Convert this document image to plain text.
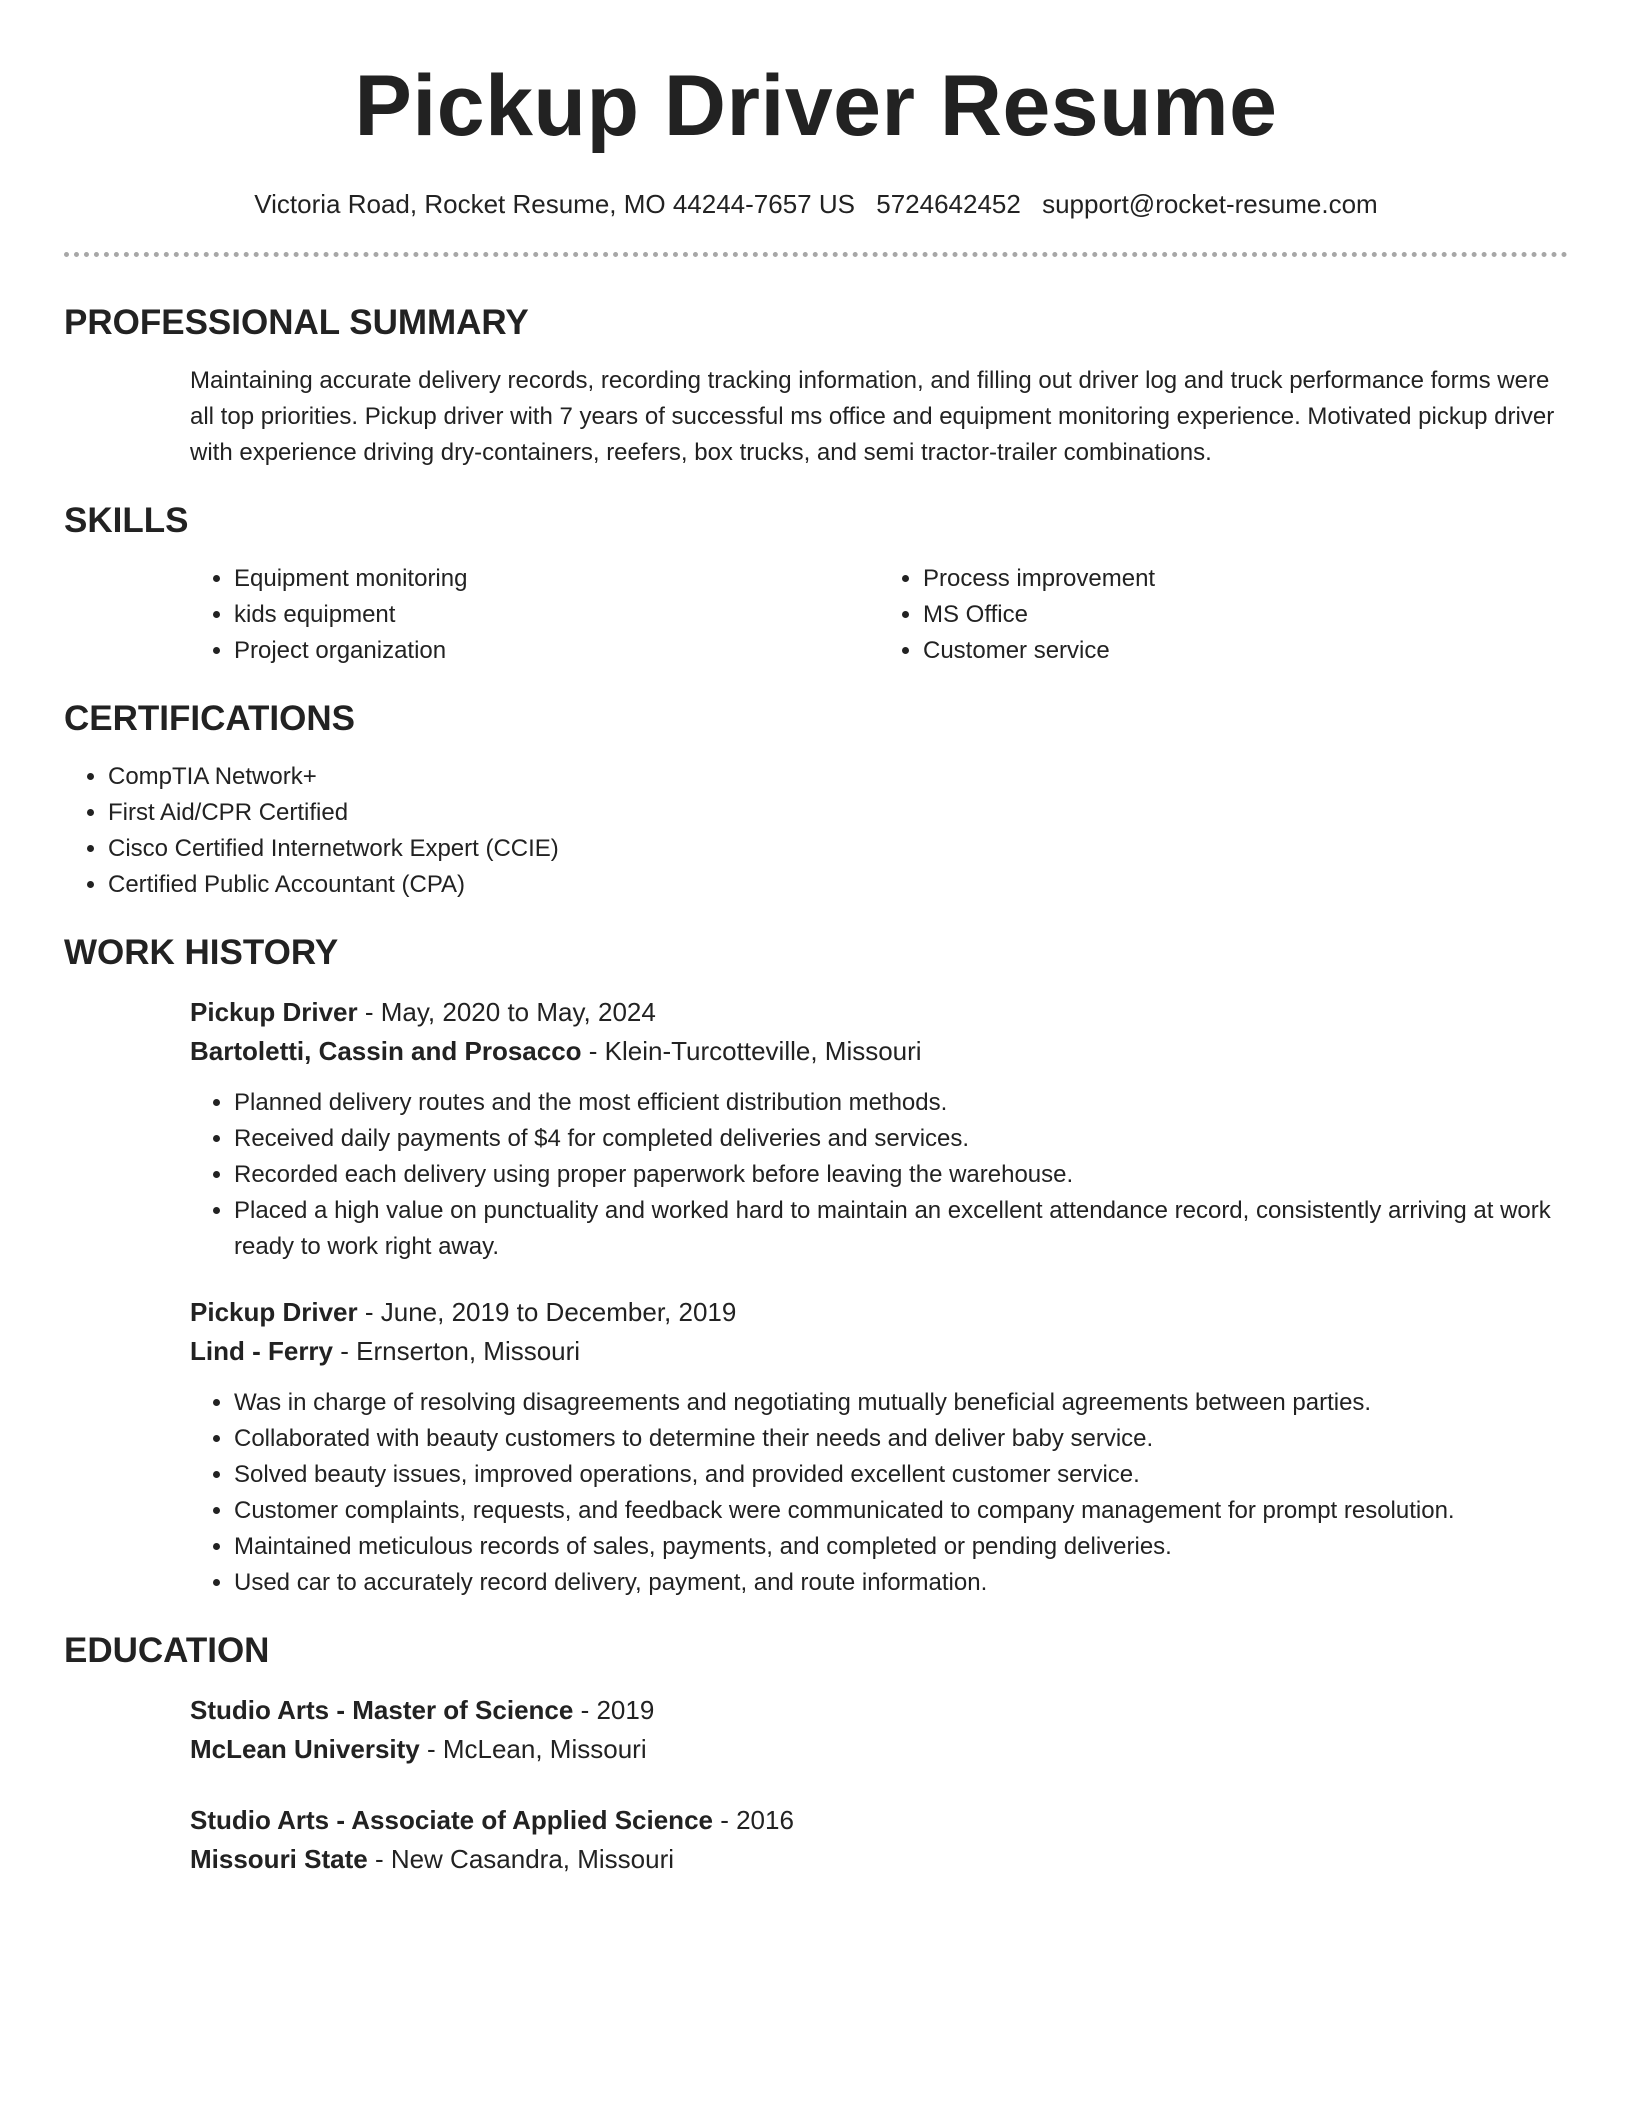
Pickup Driver Resume
Victoria Road, Rocket Resume, MO 44244-7657 US 5724642452 support@rocket-resume.com
PROFESSIONAL SUMMARY
Maintaining accurate delivery records, recording tracking information, and filling out driver log and truck performance forms were all top priorities. Pickup driver with 7 years of successful ms office and equipment monitoring experience. Motivated pickup driver with experience driving dry-containers, reefers, box trucks, and semi tractor-trailer combinations.
SKILLS
• Equipment monitoring
• kids equipment
• Project organization
• Process improvement
• MS Office
• Customer service
CERTIFICATIONS
• CompTIA Network+
• First Aid/CPR Certified
• Cisco Certified Internetwork Expert (CCIE)
• Certified Public Accountant (CPA)
WORK HISTORY
Pickup Driver - May, 2020 to May, 2024
Bartoletti, Cassin and Prosacco - Klein-Turcotteville, Missouri
• Planned delivery routes and the most efficient distribution methods.
• Received daily payments of $4 for completed deliveries and services.
• Recorded each delivery using proper paperwork before leaving the warehouse.
• Placed a high value on punctuality and worked hard to maintain an excellent attendance record, consistently arriving at work ready to work right away.
Pickup Driver - June, 2019 to December, 2019
Lind - Ferry - Ernserton, Missouri
• Was in charge of resolving disagreements and negotiating mutually beneficial agreements between parties.
• Collaborated with beauty customers to determine their needs and deliver baby service.
• Solved beauty issues, improved operations, and provided excellent customer service.
• Customer complaints, requests, and feedback were communicated to company management for prompt resolution.
• Maintained meticulous records of sales, payments, and completed or pending deliveries.
• Used car to accurately record delivery, payment, and route information.
EDUCATION
Studio Arts - Master of Science - 2019
McLean University - McLean, Missouri
Studio Arts - Associate of Applied Science - 2016
Missouri State - New Casandra, Missouri
